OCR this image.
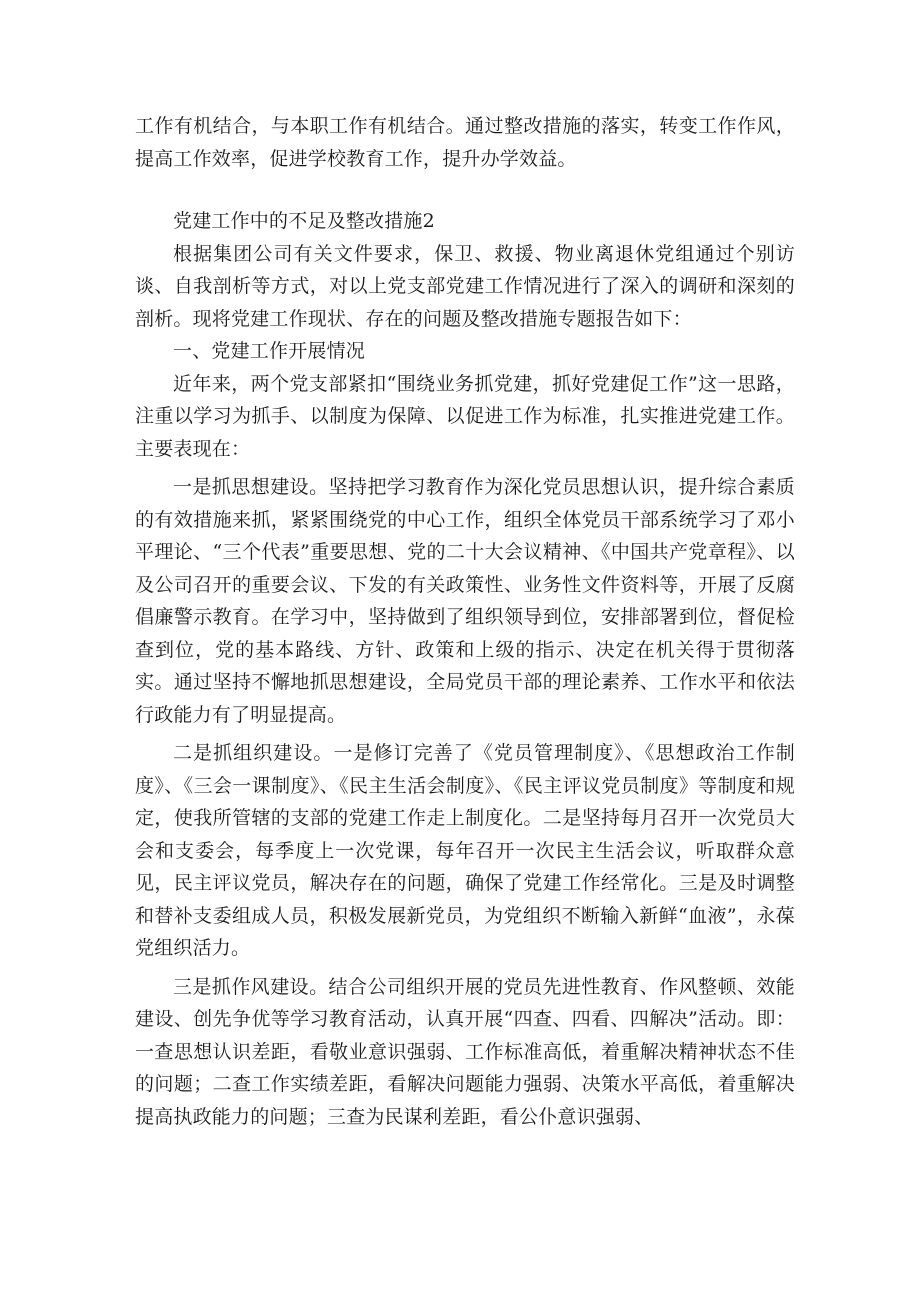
工作有机结合，与本职工作有机结合。通过整改措施的落实，转变工作作风，提高工作效率，促进学校教育工作，提升办学效益。

党建工作中的不足及整改措施2

根据集团公司有关文件要求，保卫、救援、物业离退休党组通过个别访谈、自我剖析等方式，对以上党支部党建工作情况进行了深入的调研和深刻的剖析。现将党建工作现状、存在的问题及整改措施专题报告如下：

一、党建工作开展情况

近年来，两个党支部紧扣“围绕业务抓党建，抓好党建促工作”这一思路，注重以学习为抓手、以制度为保障、以促进工作为标准，扎实推进党建工作。主要表现在：

一是抓思想建设。坚持把学习教育作为深化党员思想认识，提升综合素质的有效措施来抓，紧紧围绕党的中心工作，组织全体党员干部系统学习了邓小平理论、“三个代表”重要思想、党的二十大会议精神、《中国共产党章程》、以及公司召开的重要会议、下发的有关政策性、业务性文件资料等，开展了反腐倡廉警示教育。在学习中，坚持做到了组织领导到位，安排部署到位，督促检查到位，党的基本路线、方针、政策和上级的指示、决定在机关得于贯彻落实。通过坚持不懈地抓思想建设，全局党员干部的理论素养、工作水平和依法行政能力有了明显提高。

二是抓组织建设。一是修订完善了《党员管理制度》、《思想政治工作制度》、《三会一课制度》、《民主生活会制度》、《民主评议党员制度》等制度和规定，使我所管辖的支部的党建工作走上制度化。二是坚持每月召开一次党员大会和支委会，每季度上一次党课，每年召开一次民主生活会议，听取群众意见，民主评议党员，解决存在的问题，确保了党建工作经常化。三是及时调整和替补支委组成人员，积极发展新党员，为党组织不断输入新鲜“血液”，永葆党组织活力。

三是抓作风建设。结合公司组织开展的党员先进性教育、作风整顿、效能建设、创先争优等学习教育活动，认真开展“四查、四看、四解决”活动。即：一查思想认识差距，看敬业意识强弱、工作标准高低，着重解决精神状态不佳的问题；二查工作实绩差距，看解决问题能力强弱、决策水平高低，着重解决提高执政能力的问题；三查为民谋利差距，看公仆意识强弱、
